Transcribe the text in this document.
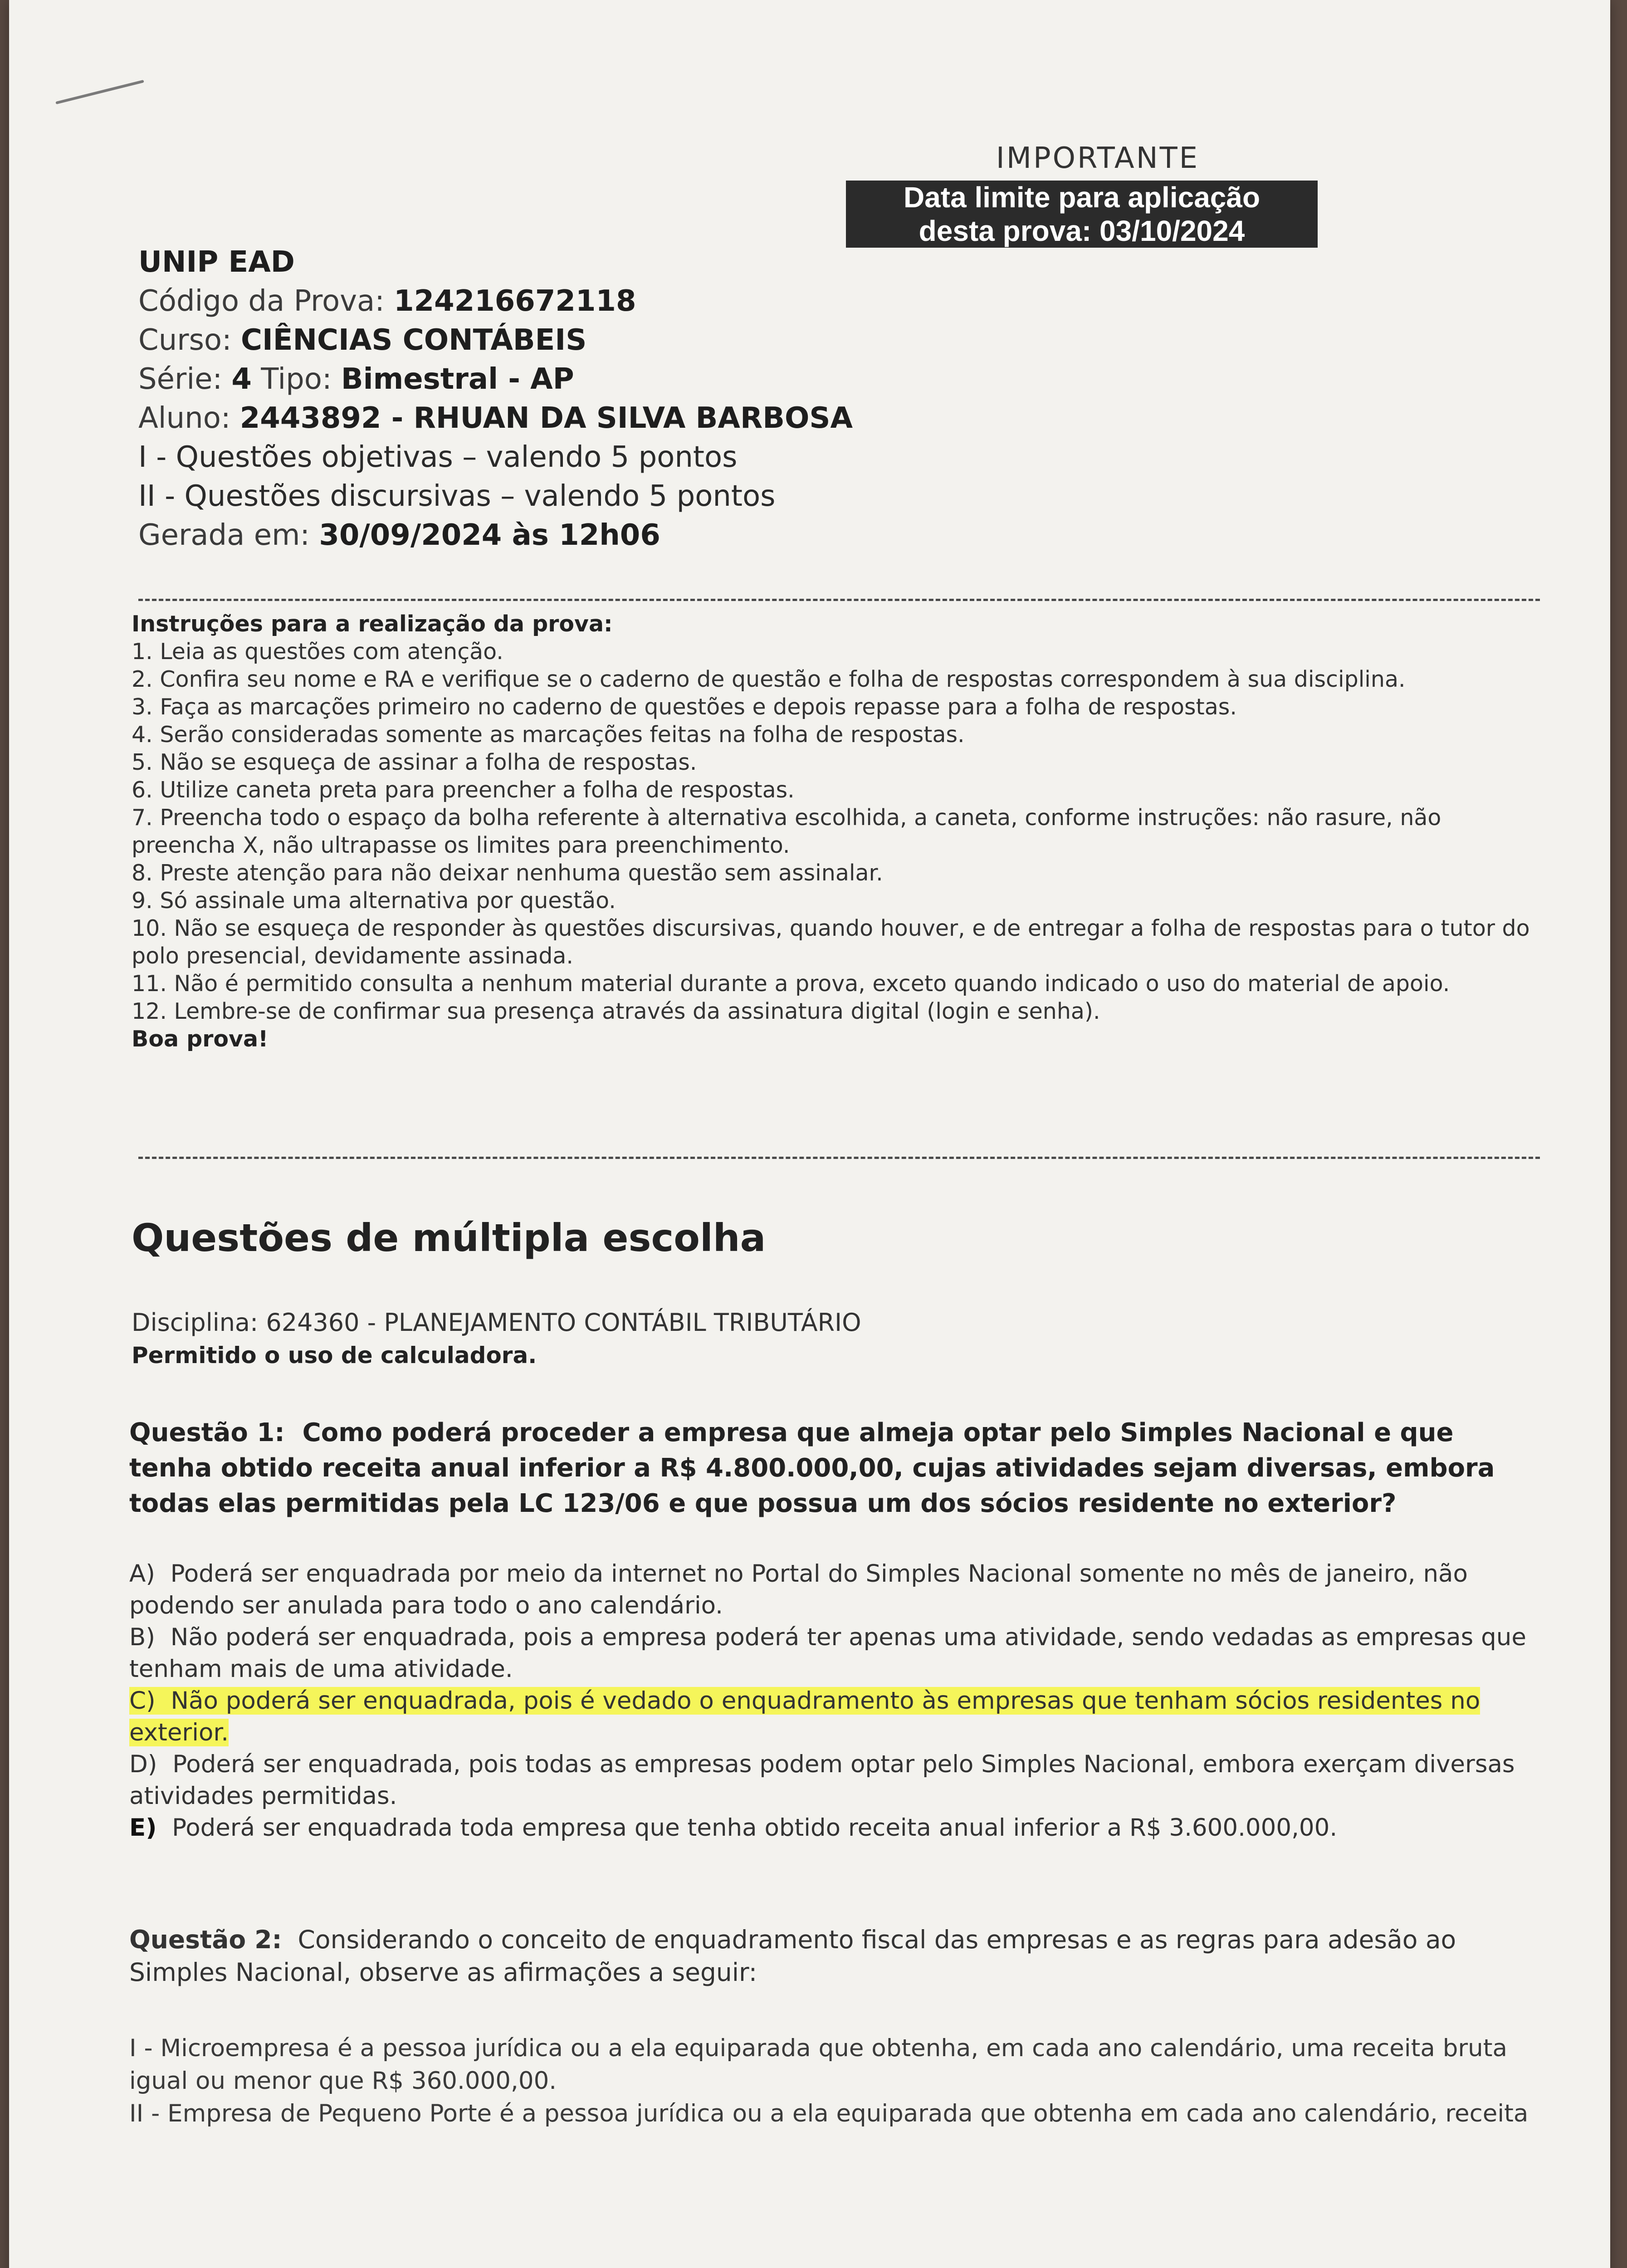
IMPORTANTE
Data limite para aplicação
desta prova: 03/10/2024
UNIP EAD
Código da Prova: 124216672118
Curso: CIÊNCIAS CONTÁBEIS
Série: 4 Tipo: Bimestral - AP
Aluno: 2443892 - RHUAN DA SILVA BARBOSA
I - Questões objetivas – valendo 5 pontos
II - Questões discursivas – valendo 5 pontos
Gerada em: 30/09/2024 às 12h06
Instruções para a realização da prova:

1. Leia as questões com atenção.

2. Confira seu nome e RA e verifique se o caderno de questão e folha de respostas correspondem à sua disciplina.

3. Faça as marcações primeiro no caderno de questões e depois repasse para a folha de respostas.

4. Serão consideradas somente as marcações feitas na folha de respostas.

5. Não se esqueça de assinar a folha de respostas.

6. Utilize caneta preta para preencher a folha de respostas.

7. Preencha todo o espaço da bolha referente à alternativa escolhida, a caneta, conforme instruções: não rasure, não preencha X, não ultrapasse os limites para preenchimento.

8. Preste atenção para não deixar nenhuma questão sem assinalar.

9. Só assinale uma alternativa por questão.

10. Não se esqueça de responder às questões discursivas, quando houver, e de entregar a folha de respostas para o tutor do polo presencial, devidamente assinada.

11. Não é permitido consulta a nenhum material durante a prova, exceto quando indicado o uso do material de apoio.

12. Lembre-se de confirmar sua presença através da assinatura digital (login e senha).

Boa prova!
Questões de múltipla escolha
Disciplina: 624360 - PLANEJAMENTO CONTÁBIL TRIBUTÁRIO
Permitido o uso de calculadora.
Questão 1: Como poderá proceder a empresa que almeja optar pelo Simples Nacional e que tenha obtido receita anual inferior a R$ 4.800.000,00, cujas atividades sejam diversas, embora todas elas permitidas pela LC 123/06 e que possua um dos sócios residente no exterior?

A) Poderá ser enquadrada por meio da internet no Portal do Simples Nacional somente no mês de janeiro, não podendo ser anulada para todo o ano calendário.

B) Não poderá ser enquadrada, pois a empresa poderá ter apenas uma atividade, sendo vedadas as empresas que tenham mais de uma atividade.

C) Não poderá ser enquadrada, pois é vedado o enquadramento às empresas que tenham sócios residentes no exterior.

D) Poderá ser enquadrada, pois todas as empresas podem optar pelo Simples Nacional, embora exerçam diversas atividades permitidas.

E) Poderá ser enquadrada toda empresa que tenha obtido receita anual inferior a R$ 3.600.000,00.

Questão 2: Considerando o conceito de enquadramento fiscal das empresas e as regras para adesão ao Simples Nacional, observe as afirmações a seguir:

I - Microempresa é a pessoa jurídica ou a ela equiparada que obtenha, em cada ano calendário, uma receita bruta igual ou menor que R$ 360.000,00.

II - Empresa de Pequeno Porte é a pessoa jurídica ou a ela equiparada que obtenha em cada ano calendário, receita
